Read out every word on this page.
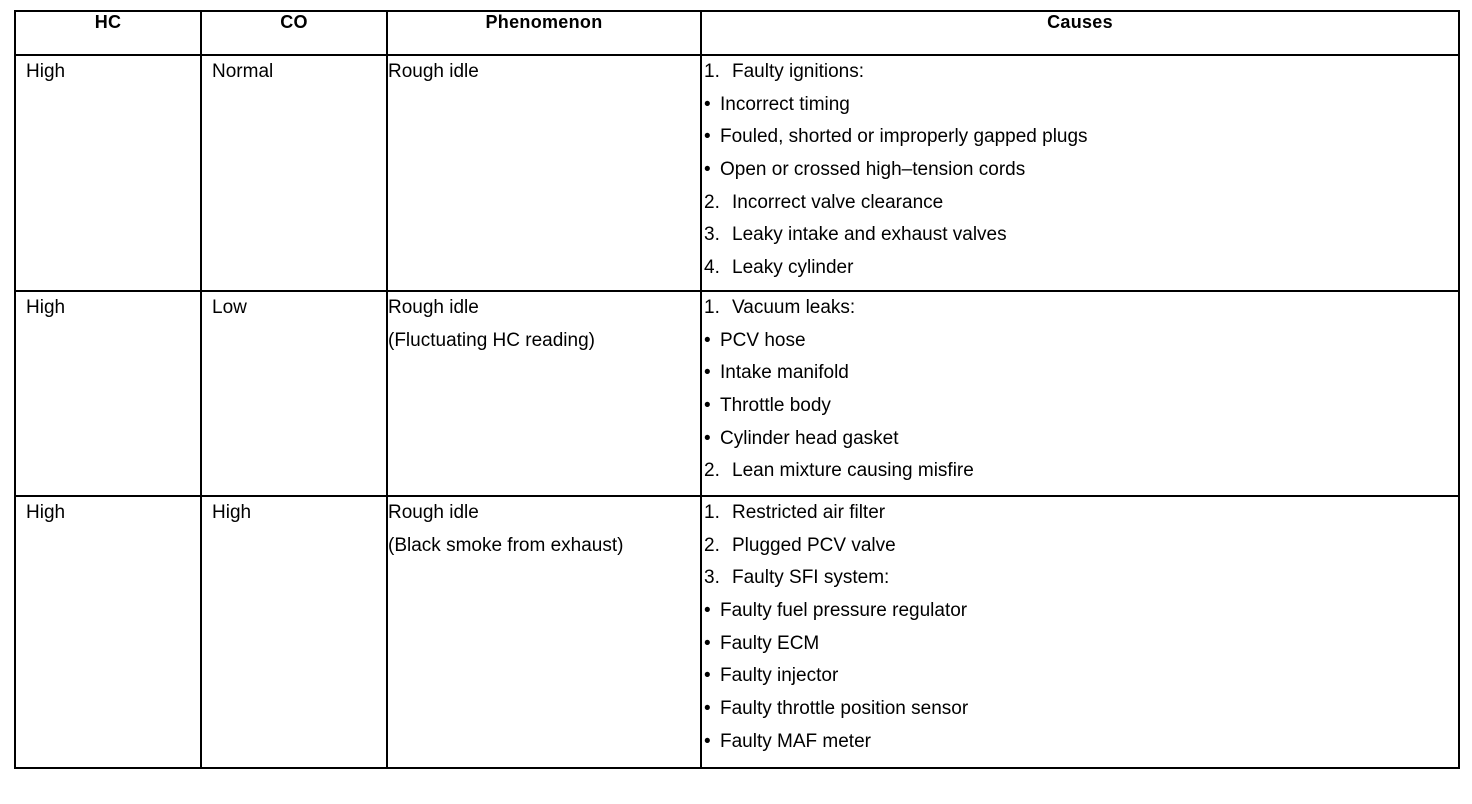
HC	CO	Phenomenon	Causes
High	Normal	Rough idle	1. Faulty ignitions:
• Incorrect timing
• Fouled, shorted or improperly gapped plugs
• Open or crossed high–tension cords
2. Incorrect valve clearance
3. Leaky intake and exhaust valves
4. Leaky cylinder

High	Low	Rough idle
(Fluctuating HC reading)

1. Vacuum leaks:
• PCV hose
• Intake manifold
• Throttle body
• Cylinder head gasket
2. Lean mixture causing misfire

High	High	Rough idle
(Black smoke from exhaust)

1. Restricted air filter
2. Plugged PCV valve
3. Faulty SFI system:
• Faulty fuel pressure regulator
• Faulty ECM
• Faulty injector
• Faulty throttle position sensor
• Faulty MAF meter
